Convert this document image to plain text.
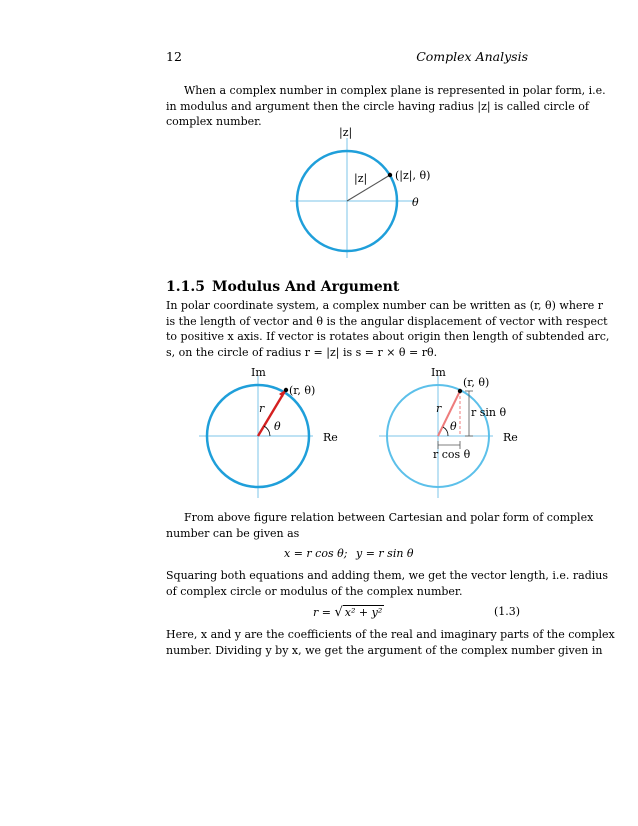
12	Complex Analysis
When a complex number in complex plane is represented in polar form, i.e.
in modulus and argument then the circle having radius |z| is called circle of
complex number.
|z|
|z|	(|z|, θ)
θ
1.1.5 Modulus And Argument
In polar coordinate system, a complex number can be written as (r, θ) where r
is the length of vector and θ is the angular displacement of vector with respect
to positive x axis. If vector is rotates about origin then length of subtended arc,
s, on the circle of radius r = |z| is s = r × θ = rθ.
Im
Re
r
θ
(r, θ)
Im
Re
r
θ
(r, θ)
r sin θ
r cos θ
From above figure relation between Cartesian and polar form of complex
number can be given as
x = r cos θ; y = r sin θ
Squaring both equations and adding them, we get the vector length, i.e. radius
of complex circle or modulus of the complex number.
r = √ x² + y²	(1.3)
Here, x and y are the coefficients of the real and imaginary parts of the complex
number. Dividing y by x, we get the argument of the complex number given in
